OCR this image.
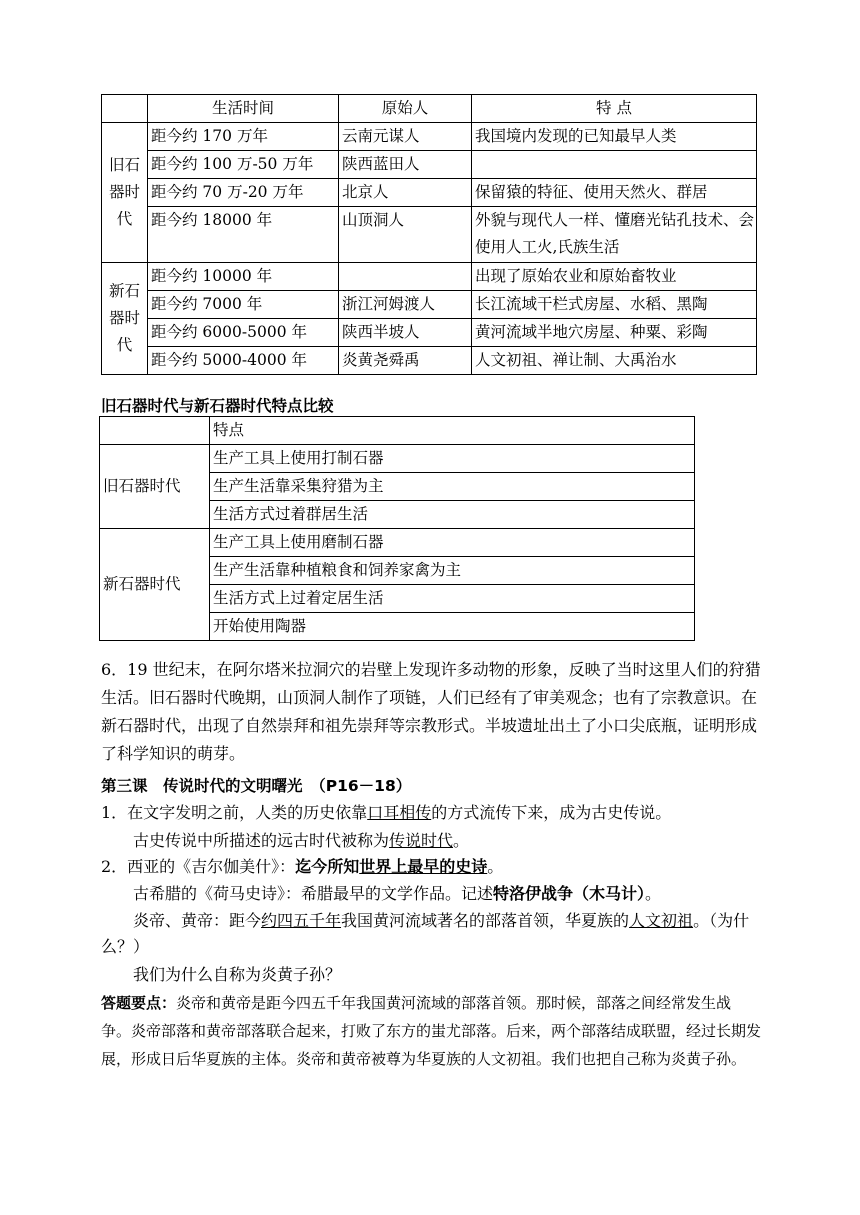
	生活时间	原始人	特 点
旧石器时代	距今约 170 万年	云南元谋人	我国境内发现的已知最早人类
	距今约 100 万-50 万年	陕西蓝田人	
	距今约 70 万-20 万年	北京人	保留猿的特征、使用天然火、群居
	距今约 18000 年	山顶洞人	外貌与现代人一样、懂磨光钻孔技术、会使用人工火,氏族生活
新石器时代	距今约 10000 年		出现了原始农业和原始畜牧业
	距今约 7000 年	浙江河姆渡人	长江流域干栏式房屋、水稻、黑陶
	距今约 6000-5000 年	陕西半坡人	黄河流域半地穴房屋、种粟、彩陶
	距今约 5000-4000 年	炎黄尧舜禹	人文初祖、禅让制、大禹治水
旧石器时代与新石器时代特点比较
	特点
旧石器时代	生产工具上使用打制石器
	生产生活靠采集狩猎为主
	生活方式过着群居生活
新石器时代	生产工具上使用磨制石器
	生产生活靠种植粮食和饲养家禽为主
	生活方式上过着定居生活
	开始使用陶器
6．19 世纪末，在阿尔塔米拉洞穴的岩壁上发现许多动物的形象，反映了当时这里人们的狩猎生活。旧石器时代晚期，山顶洞人制作了项链，人们已经有了审美观念；也有了宗教意识。在新石器时代，出现了自然崇拜和祖先崇拜等宗教形式。半坡遗址出土了小口尖底瓶，证明形成了科学知识的萌芽。
第三课　传说时代的文明曙光　（P16－18）
1．在文字发明之前，人类的历史依靠口耳相传的方式流传下来，成为古史传说。
古史传说中所描述的远古时代被称为传说时代。
2．西亚的《吉尔伽美什》：迄今所知世界上最早的史诗。
古希腊的《荷马史诗》：希腊最早的文学作品。记述特洛伊战争（木马计）。
炎帝、黄帝：距今约四五千年我国黄河流域著名的部落首领，华夏族的人文初祖。（为什
么？）
我们为什么自称为炎黄子孙？
答题要点：炎帝和黄帝是距今四五千年我国黄河流域的部落首领。那时候，部落之间经常发生战争。炎帝部落和黄帝部落联合起来，打败了东方的蚩尤部落。后来，两个部落结成联盟，经过长期发展，形成日后华夏族的主体。炎帝和黄帝被尊为华夏族的人文初祖。我们也把自己称为炎黄子孙。
